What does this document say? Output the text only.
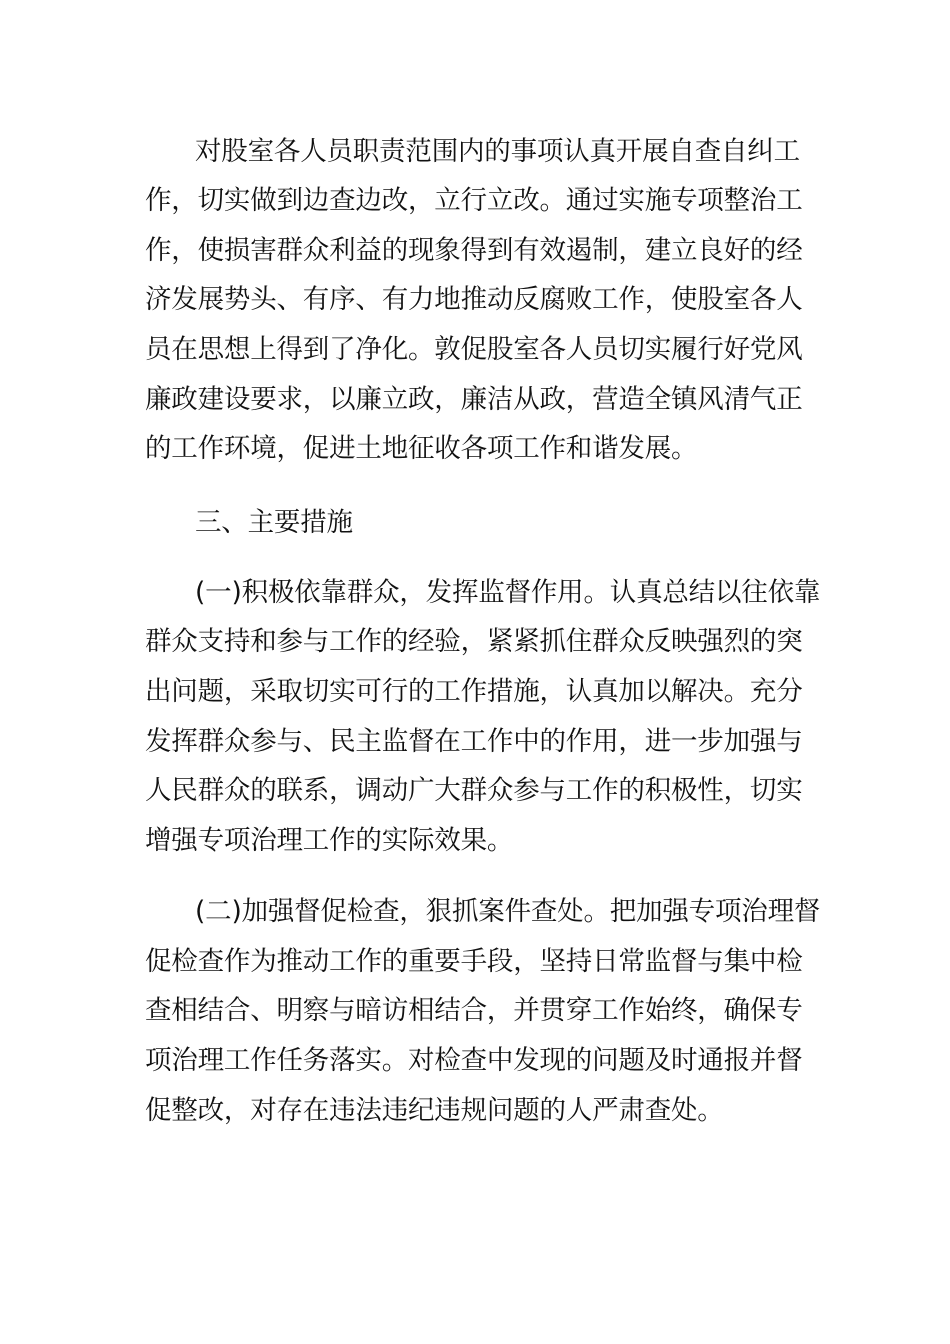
对股室各人员职责范围内的事项认真开展自查自纠工
作，切实做到边查边改，立行立改。通过实施专项整治工
作，使损害群众利益的现象得到有效遏制，建立良好的经
济发展势头、有序、有力地推动反腐败工作，使股室各人
员在思想上得到了净化。敦促股室各人员切实履行好党风
廉政建设要求，以廉立政，廉洁从政，营造全镇风清气正
的工作环境，促进土地征收各项工作和谐发展。
三、主要措施
(一)积极依靠群众，发挥监督作用。认真总结以往依靠
群众支持和参与工作的经验，紧紧抓住群众反映强烈的突
出问题，采取切实可行的工作措施，认真加以解决。充分
发挥群众参与、民主监督在工作中的作用，进一步加强与
人民群众的联系，调动广大群众参与工作的积极性，切实
增强专项治理工作的实际效果。
(二)加强督促检查，狠抓案件查处。把加强专项治理督
促检查作为推动工作的重要手段，坚持日常监督与集中检
查相结合、明察与暗访相结合，并贯穿工作始终，确保专
项治理工作任务落实。对检查中发现的问题及时通报并督
促整改，对存在违法违纪违规问题的人严肃查处。
